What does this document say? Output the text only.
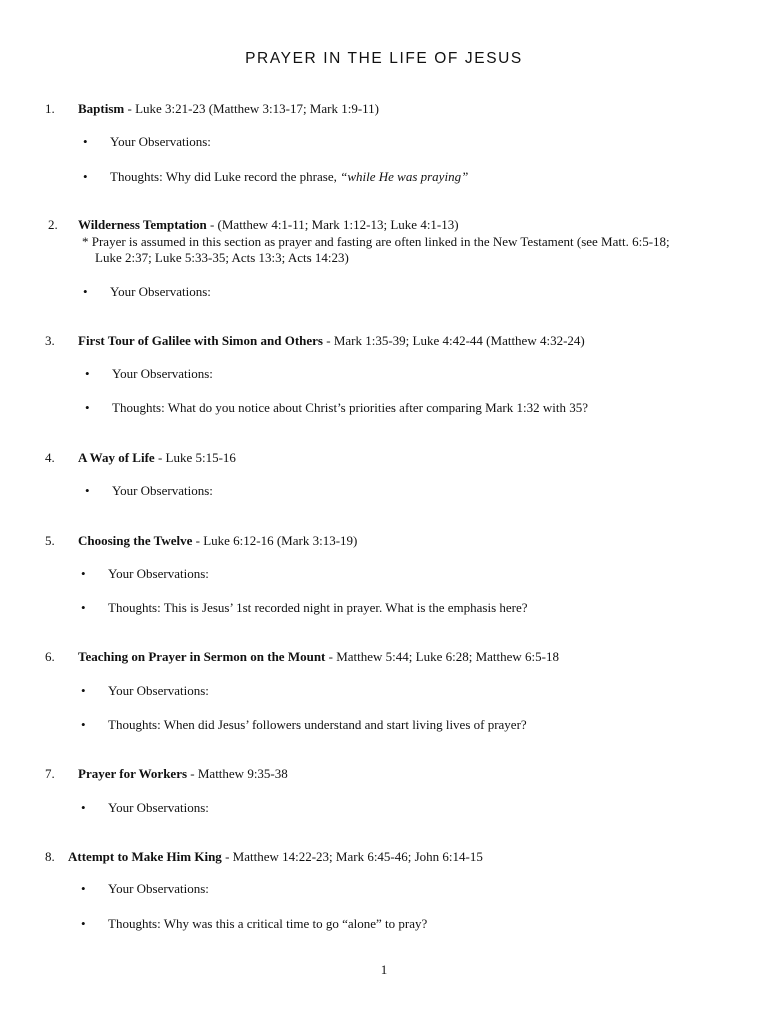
PRAYER IN THE LIFE OF JESUS
1. Baptism - Luke 3:21-23 (Matthew 3:13-17; Mark 1:9-11)
• Your Observations:
• Thoughts: Why did Luke record the phrase, “while He was praying”
2. Wilderness Temptation - (Matthew 4:1-11; Mark 1:12-13; Luke 4:1-13)
* Prayer is assumed in this section as prayer and fasting are often linked in the New Testament (see Matt. 6:5-18;
Luke 2:37; Luke 5:33-35; Acts 13:3; Acts 14:23)
• Your Observations:
3. First Tour of Galilee with Simon and Others - Mark 1:35-39; Luke 4:42-44 (Matthew 4:32-24)
• Your Observations:
• Thoughts: What do you notice about Christ’s priorities after comparing Mark 1:32 with 35?
4. A Way of Life - Luke 5:15-16
• Your Observations:
5. Choosing the Twelve - Luke 6:12-16 (Mark 3:13-19)
• Your Observations:
• Thoughts: This is Jesus’ 1st recorded night in prayer. What is the emphasis here?
6. Teaching on Prayer in Sermon on the Mount - Matthew 5:44; Luke 6:28; Matthew 6:5-18
• Your Observations:
• Thoughts: When did Jesus’ followers understand and start living lives of prayer?
7. Prayer for Workers - Matthew 9:35-38
• Your Observations:
8. Attempt to Make Him King - Matthew 14:22-23; Mark 6:45-46; John 6:14-15
• Your Observations:
• Thoughts: Why was this a critical time to go “alone” to pray?
1
